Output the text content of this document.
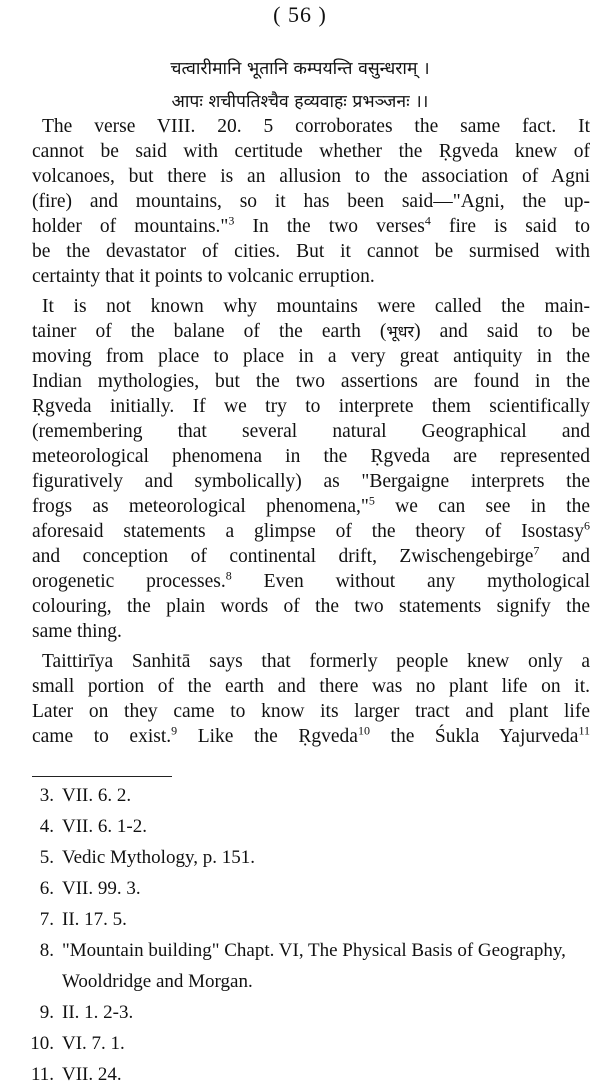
( 56 )
चत्वारीमानि भूतानि कम्पयन्ति वसुन्धराम् ।
आपः शचीपतिश्चैव हव्यवाहः प्रभञ्जनः ।।
The verse VIII. 20. 5 corroborates the same fact. It
cannot be said with certitude whether the Ṛgveda knew of
volcanoes, but there is an allusion to the association of Agni
(fire) and mountains, so it has been said—"Agni, the up-
holder of mountains."$^3$ In the two verses$^4$ fire is said to
be the devastator of cities. But it cannot be surmised with
certainty that it points to volcanic erruption.
It is not known why mountains were called the main-
tainer of the balane of the earth (भूधर) and said to be
moving from place to place in a very great antiquity in the
Indian mythologies, but the two assertions are found in the
Ṛgveda initially. If we try to interprete them scientifically
(remembering that several natural Geographical and
meteorological phenomena in the Ṛgveda are represented
figuratively and symbolically) as "Bergaigne interprets the
frogs as meteorological phenomena,"$^5$ we can see in the
aforesaid statements a glimpse of the theory of Isostasy$^6$
and conception of continental drift, Zwischengebirge$^7$ and
orogenetic processes.$^8$ Even without any mythological
colouring, the plain words of the two statements signify the
same thing.
Taittirīya Sanhitā says that formerly people knew only a
small portion of the earth and there was no plant life on it.
Later on they came to know its larger tract and plant life
came to exist.$^9$ Like the Ṛgveda$^{10}$ the Śukla Yajurveda$^{11}$
3. VII. 6. 2.
4. VII. 6. 1-2.
5. Vedic Mythology, p. 151.
6. VII. 99. 3.
7. II. 17. 5.
8. "Mountain building" Chapt. VI, The Physical Basis of Geography, Wooldridge and Morgan.
9. II. 1. 2-3.
10. VI. 7. 1.
11. VII. 24.
